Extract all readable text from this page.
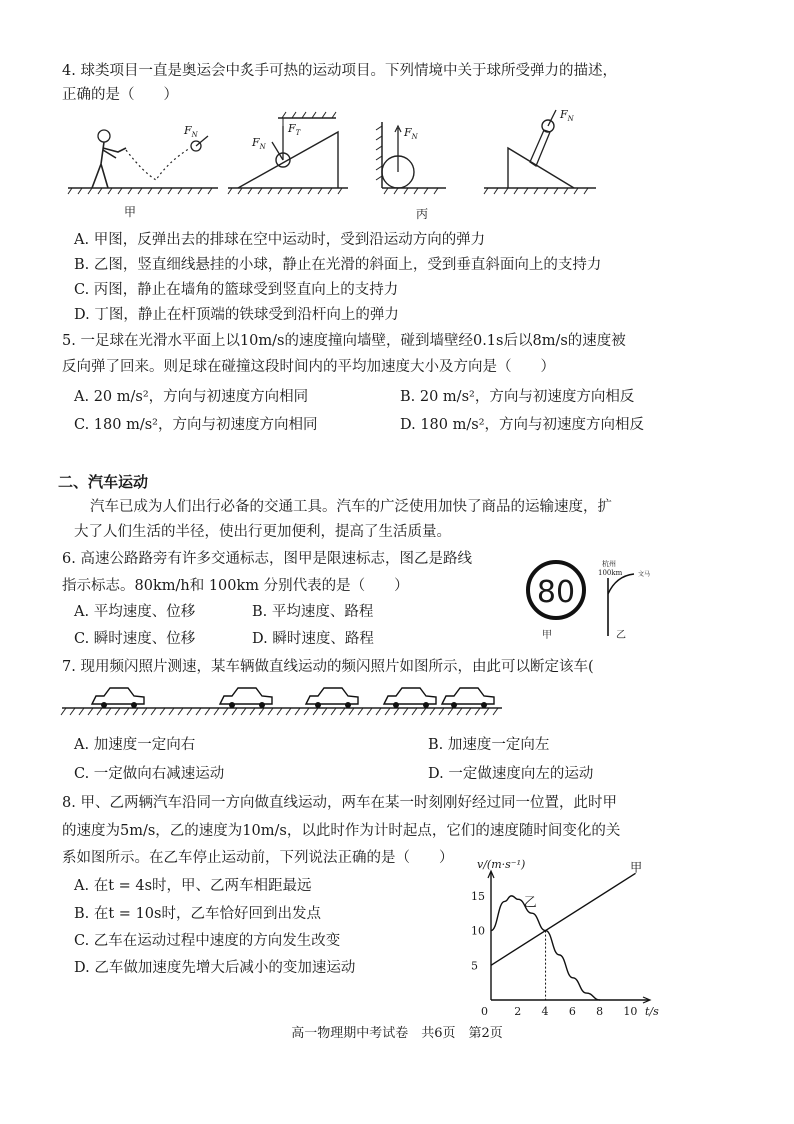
4. 球类项目一直是奥运会中炙手可热的运动项目。下列情境中关于球所受弹力的描述，
正确的是（　　）
$F_N$
甲
$F_T$
$F_N$
$F_N$
丙
$F_N$
A. 甲图，反弹出去的排球在空中运动时，受到沿运动方向的弹力
B. 乙图，竖直细线悬挂的小球，静止在光滑的斜面上，受到垂直斜面向上的支持力
C. 丙图，静止在墙角的篮球受到竖直向上的支持力
D. 丁图，静止在杆顶端的铁球受到沿杆向上的弹力
5. 一足球在光滑水平面上以10m/s的速度撞向墙壁，碰到墙壁经0.1s后以8m/s的速度被
反向弹了回来。则足球在碰撞这段时间内的平均加速度大小及方向是（　　）
A. 20 m/s²，方向与初速度方向相同	B. 20 m/s²，方向与初速度方向相反
C. 180 m/s²，方向与初速度方向相同	D. 180 m/s²，方向与初速度方向相反
二、汽车运动
汽车已成为人们出行必备的交通工具。汽车的广泛使用加快了商品的运输速度，扩
大了人们生活的半径，使出行更加便利，提高了生活质量。
6. 高速公路路旁有许多交通标志，图甲是限速标志，图乙是路线
指示标志。80km/h和 100km 分别代表的是（　　）
A. 平均速度、位移	B. 平均速度、路程
C. 瞬时速度、位移	D. 瞬时速度、路程
80
杭州
100km	文马
甲	乙
7. 现用频闪照片测速，某车辆做直线运动的频闪照片如图所示，由此可以断定该车(
A. 加速度一定向右	B. 加速度一定向左
C. 一定做向右减速运动	D. 一定做速度向左的运动
8. 甲、乙两辆汽车沿同一方向做直线运动，两车在某一时刻刚好经过同一位置，此时甲
的速度为5m/s，乙的速度为10m/s，以此时作为计时起点，它们的速度随时间变化的关
系如图所示。在乙车停止运动前，下列说法正确的是（　　）
A. 在t = 4s时，甲、乙两车相距最远
B. 在t = 10s时，乙车恰好回到出发点
C. 乙车在运动过程中速度的方向发生改变
D. 乙车做加速度先增大后减小的变加速运动
0 2 4 6 8 10
5
10
15
甲
乙
v/(m·s⁻¹)
t/s
高一物理期中考试卷　共6页　第2页
